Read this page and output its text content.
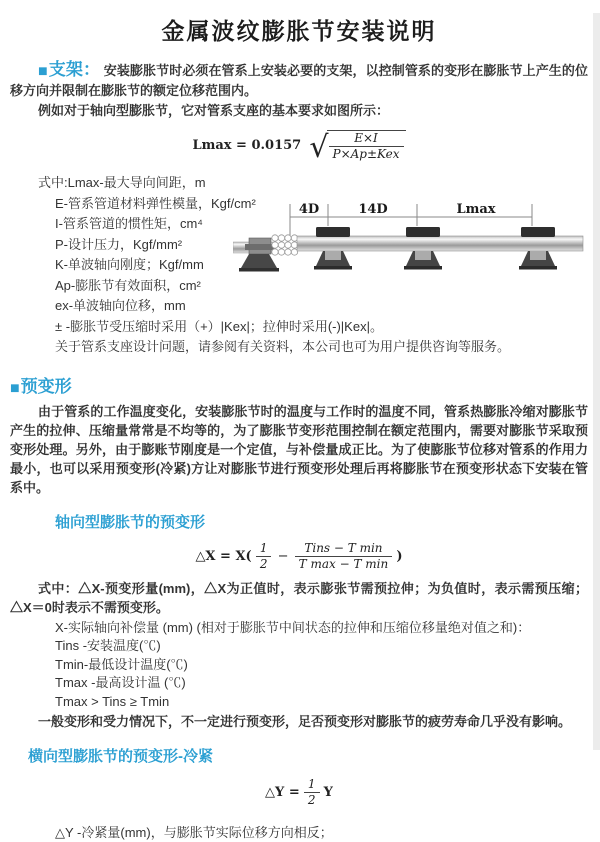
金属波纹膨胀节安装说明

■支架： 安装膨胀节时必须在管系上安装必要的支架，以控制管系的变形在膨胀节上产生的位移方向并限制在膨胀节的额定位移范围内。

例如对于轴向型膨胀节，它对管系支座的基本要求如图所示：

Lmax = 0.0157 √ $\frac{E\times I}{\text{P×Ap±Kex}}$
式中:Lmax-最大导向间距，m
E-管系管道材料弹性模量，Kgf/cm²
I-管系管道的惯性矩，cm⁴
P-设计压力，Kgf/mm²
K-单波轴向刚度；Kgf/mm
Ap-膨胀节有效面积，cm²
ex-单波轴向位移，mm
4D	14D	Lmax

± -膨胀节受压缩时采用（+）|Kex|；拉伸时采用(-)|Kex|。

关于管系支座设计问题，请参阅有关资料，本公司也可为用户提供咨询等服务。

■预变形

由于管系的工作温度变化，安装膨胀节时的温度与工作时的温度不同，管系热膨胀冷缩对膨胀节产生的拉伸、压缩量常常是不均等的，为了膨胀节变形范围控制在额定范围内，需要对膨胀节采取预变形处理。另外，由于膨账节刚度是一个定值，与补偿量成正比。为了使膨胀节位移对管系的作用力最小，也可以采用预变形(冷紧)方让对膨胀节进行预变形处理后再将膨胀节在预变形状态下安装在管系中。

轴向型膨胀节的预变形
△X = $X( \frac{1}{2} - \frac{\text{Tins − T min}}{\text{T max − T min}}$ )

式中：△X-预变形量(mm)，△X为正值时，表示膨张节需预拉伸；为负值时，表示需预压缩；△X＝0时表示不需预变形。

X-实际轴向补偿量 (mm) (相对于膨胀节中间状态的拉伸和压缩位移量绝对值之和)：
Tins -安装温度(℃)
Tmin-最低设计温度(℃)
Tmax -最高设计温 (℃)
Tmax > Tins ≥ Tmin

一般变形和受力情况下，不一定进行预变形，足否预变形对膨胀节的疲劳寿命几乎没有影响。

横向型膨胀节的预变形-冷紧
△Y = $\frac{1}{2}$ Y

△Y -冷紧量(mm)，与膨胀节实际位移方向相反；
